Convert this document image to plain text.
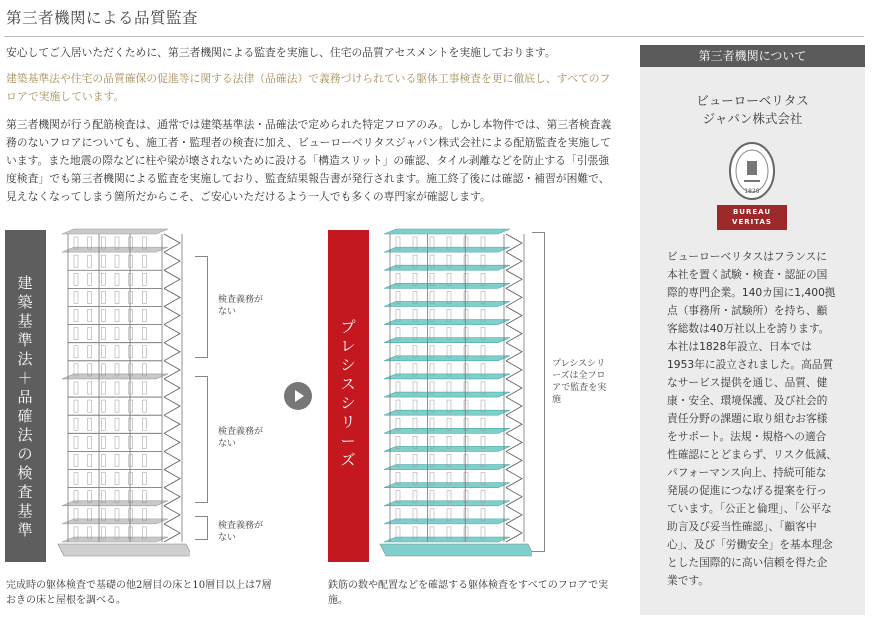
第三者機関による品質監査
安心してご入居いただくために、第三者機関による監査を実施し、住宅の品質アセスメントを実施しております。
建築基準法や住宅の品質確保の促進等に関する法律（品確法）で義務づけられている躯体工事検査を更に徹底し、すべてのフロアで実施しています。
第三者機関が行う配筋検査は、通常では建築基準法・品確法で定められた特定フロアのみ。しかし本物件では、第三者検査義務のないフロアについても、施工者・監理者の検査に加え、ビューローベリタスジャパン株式会社による配筋監査を実施しています。また地震の際などに柱や梁が壊されないために設ける「構造スリット」の確認、タイル剥離などを防止する「引張強度検査」でも第三者機関による監査を実施しており、監査結果報告書が発行されます。施工終了後には確認・補習が困難で、見えなくなってしまう箇所だからこそ、ご安心いただけるよう一人でも多くの専門家が確認します。
建築基準法＋品確法の検査基準
検査義務がない
検査義務がない
検査義務がない
完成時の躯体検査で基礎の他2層目の床と10層目以上は7層おきの床と屋根を調べる。
プレシスシリーズ
プレシスシリーズは全フロアで監査を実施
鉄筋の数や配置などを確認する躯体検査をすべてのフロアで実施。
第三者機関について
ビューローベリタス
ジャパン株式会社
1828
BUREAU
VERITAS
ビューローベリタスはフランスに本社を置く試験・検査・認証の国際的専門企業。140カ国に1,400拠点（事務所・試験所）を持ち、顧客総数は40万社以上を誇ります。本社は1828年設立、日本では1953年に設立されました。高品質なサービス提供を通じ、品質、健康・安全、環境保護、及び社会的責任分野の課題に取り組むお客様をサポート。法規・規格への適合性確認にとどまらず、リスク低減、パフォーマンス向上、持続可能な発展の促進につなげる提案を行っています。「公正と倫理」、「公平な助言及び妥当性確認」、「顧客中心」、及び「労働安全」を基本理念とした国際的に高い信頼を得た企業です。
